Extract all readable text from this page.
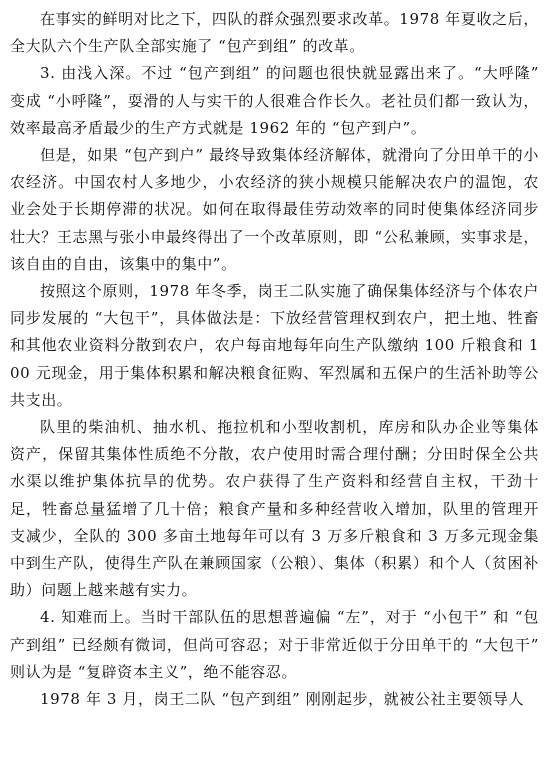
在事实的鲜明对比之下，四队的群众强烈要求改革。1978 年夏收之后，全大队六个生产队全部实施了 “包产到组” 的改革。

3. 由浅入深。不过 “包产到组” 的问题也很快就显露出来了。“大呼隆” 变成 “小呼隆”，耍滑的人与实干的人很难合作长久。老社员们都一致认为，效率最高矛盾最少的生产方式就是 1962 年的 “包产到户”。

但是，如果 “包产到户” 最终导致集体经济解体，就滑向了分田单干的小农经济。中国农村人多地少，小农经济的狭小规模只能解决农户的温饱，农业会处于长期停滞的状况。如何在取得最佳劳动效率的同时使集体经济同步壮大？王志黑与张小申最终得出了一个改革原则，即 “公私兼顾，实事求是，该自由的自由，该集中的集中”。

按照这个原则，1978 年冬季，岗王二队实施了确保集体经济与个体农户同步发展的 “大包干”，具体做法是：下放经营管理权到农户，把土地、牲畜和其他农业资料分散到农户，农户每亩地每年向生产队缴纳 100 斤粮食和 100 元现金，用于集体积累和解决粮食征购、军烈属和五保户的生活补助等公共支出。

队里的柴油机、抽水机、拖拉机和小型收割机，库房和队办企业等集体资产，保留其集体性质绝不分散，农户使用时需合理付酬；分田时保全公共水渠以维护集体抗旱的优势。农户获得了生产资料和经营自主权，干劲十足，牲畜总量猛增了几十倍；粮食产量和多种经营收入增加，队里的管理开支减少，全队的 300 多亩土地每年可以有 3 万多斤粮食和 3 万多元现金集中到生产队，使得生产队在兼顾国家（公粮）、集体（积累）和个人（贫困补助）问题上越来越有实力。

4. 知难而上。当时干部队伍的思想普遍偏 “左”，对于 “小包干” 和 “包产到组” 已经颇有微词，但尚可容忍；对于非常近似于分田单干的 “大包干” 则认为是 “复辟资本主义”，绝不能容忍。

1978 年 3 月，岗王二队 “包产到组” 刚刚起步，就被公社主要领导人
